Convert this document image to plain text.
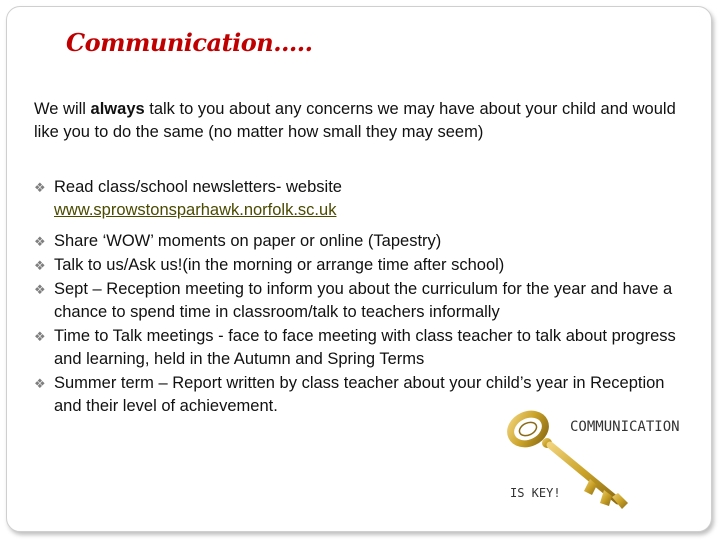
Communication…..

We will always talk to you about any concerns we may have about your child and would like you to do the same (no matter how small they may seem)

❖ Read class/school newsletters- website
www.sprowstonsparhawk.norfolk.sc.uk
❖ Share ‘WOW’ moments on paper or online (Tapestry)
❖ Talk to us/Ask us!(in the morning or arrange time after school)
❖ Sept – Reception meeting to inform you about the curriculum for the year and have a chance to spend time in classroom/talk to teachers informally
❖ Time to Talk meetings - face to face meeting with class teacher to talk about progress and learning, held in the Autumn and Spring Terms
❖ Summer term – Report written by class teacher about your child’s year in Reception and their level of achievement.
COMMUNICATION
IS KEY!
